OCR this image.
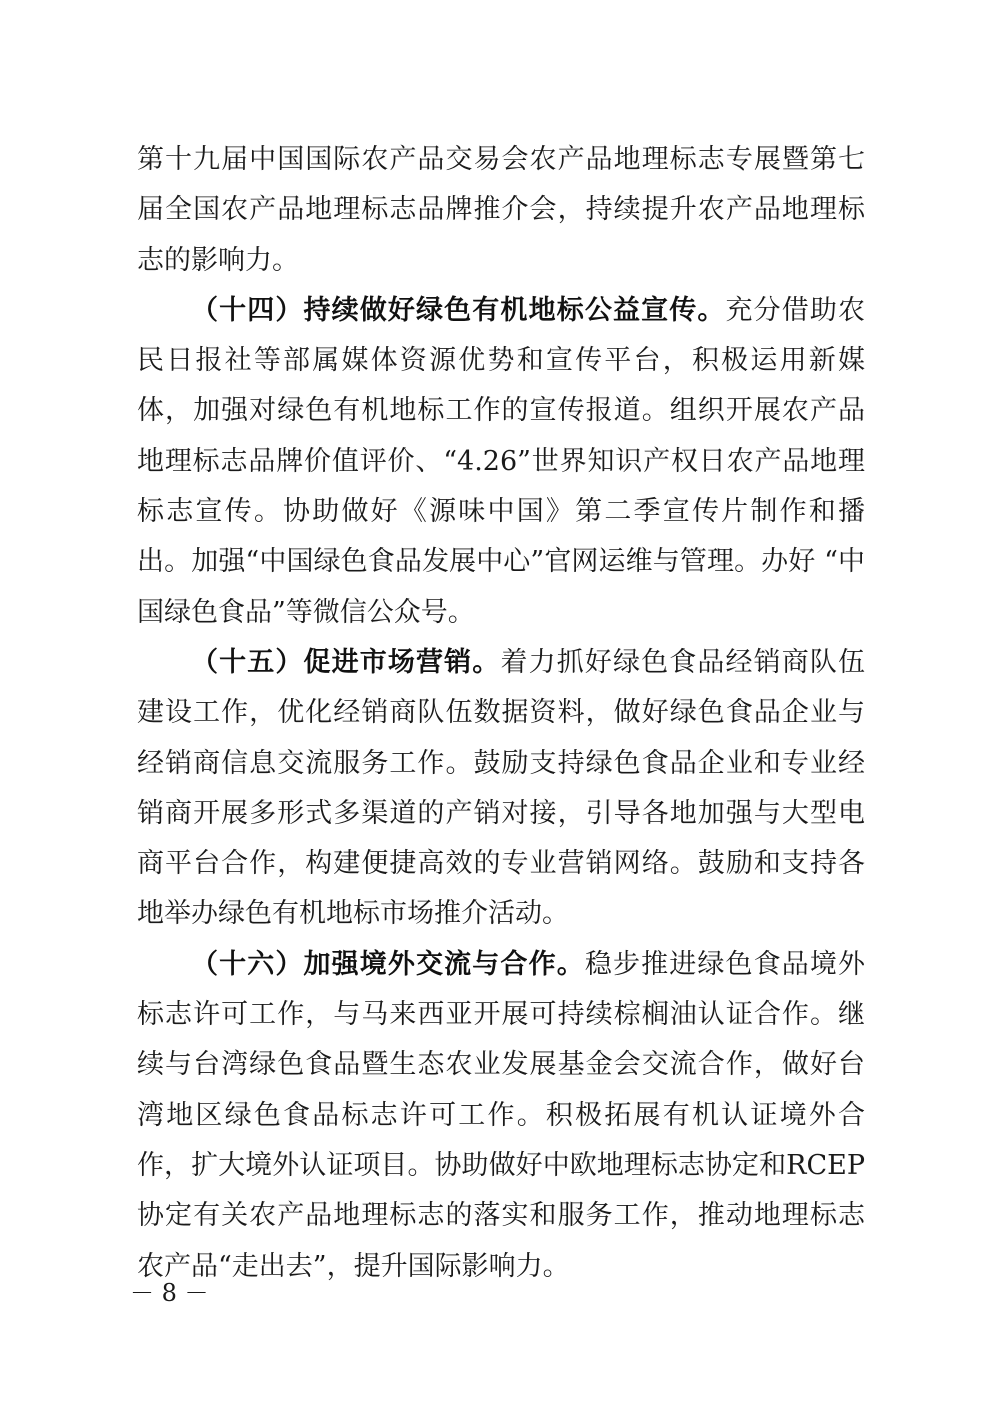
第十九届中国国际农产品交易会农产品地理标志专展暨第七届全国农产品地理标志品牌推介会，持续提升农产品地理标志的影响力。

（十四）持续做好绿色有机地标公益宣传。充分借助农民日报社等部属媒体资源优势和宣传平台，积极运用新媒体，加强对绿色有机地标工作的宣传报道。组织开展农产品地理标志品牌价值评价、“4.26”世界知识产权日农产品地理标志宣传。协助做好《源味中国》第二季宣传片制作和播出。加强“中国绿色食品发展中心”官网运维与管理。办好 “中国绿色食品”等微信公众号。

（十五）促进市场营销。着力抓好绿色食品经销商队伍建设工作，优化经销商队伍数据资料，做好绿色食品企业与经销商信息交流服务工作。鼓励支持绿色食品企业和专业经销商开展多形式多渠道的产销对接，引导各地加强与大型电商平台合作，构建便捷高效的专业营销网络。鼓励和支持各地举办绿色有机地标市场推介活动。

（十六）加强境外交流与合作。稳步推进绿色食品境外标志许可工作，与马来西亚开展可持续棕榈油认证合作。继续与台湾绿色食品暨生态农业发展基金会交流合作，做好台湾地区绿色食品标志许可工作。积极拓展有机认证境外合作，扩大境外认证项目。协助做好中欧地理标志协定和RCEP协定有关农产品地理标志的落实和服务工作，推动地理标志农产品“走出去”，提升国际影响力。

－ 8 －
